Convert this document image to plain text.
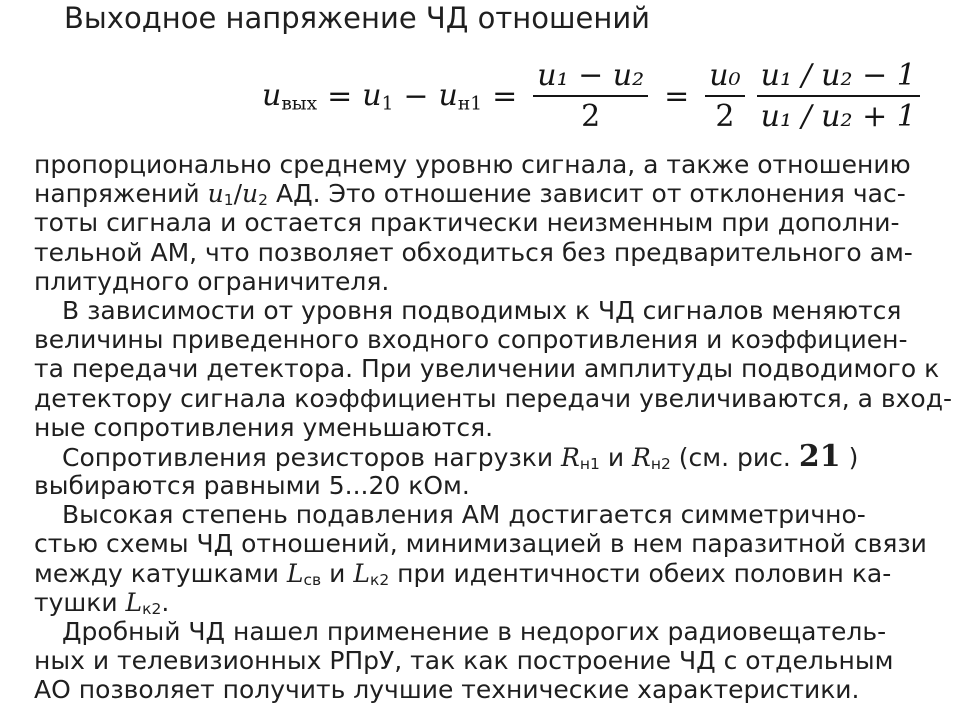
Выходное напряжение ЧД отношений
$u_{вых} = u_1 - u_{н1} = \frac{\text{u₁ − u₂}}{2} = \frac{\text{u₀}}{2} \frac{\text{u₁ / u₂ − 1}}{\text{u₁ / u₂ + 1}}$
пропорционально среднему уровню сигнала, а также отношению
напряжений $u_1/u_2$ АД. Это отношение зависит от отклонения час-
тоты сигнала и остается практически неизменным при дополни-
тельной АМ, что позволяет обходиться без предварительного ам-
плитудного ограничителя.
В зависимости от уровня подводимых к ЧД сигналов меняются
величины приведенного входного сопротивления и коэффициен-
та передачи детектора. При увеличении амплитуды подводимого к
детектору сигнала коэффициенты передачи увеличиваются, а вход-
ные сопротивления уменьшаются.
Сопротивления резисторов нагрузки $R_{н1}$ и $R_{н2}$ (см. рис. 21 )
выбираются равными 5...20 кОм.
Высокая степень подавления АМ достигается симметрично-
стью схемы ЧД отношений, минимизацией в нем паразитной связи
между катушками $L_{св}$ и $L_{к2}$ при идентичности обеих половин ка-
тушки $L_{к2}$.
Дробный ЧД нашел применение в недорогих радиовещатель-
ных и телевизионных РПрУ, так как построение ЧД с отдельным
АО позволяет получить лучшие технические характеристики.
